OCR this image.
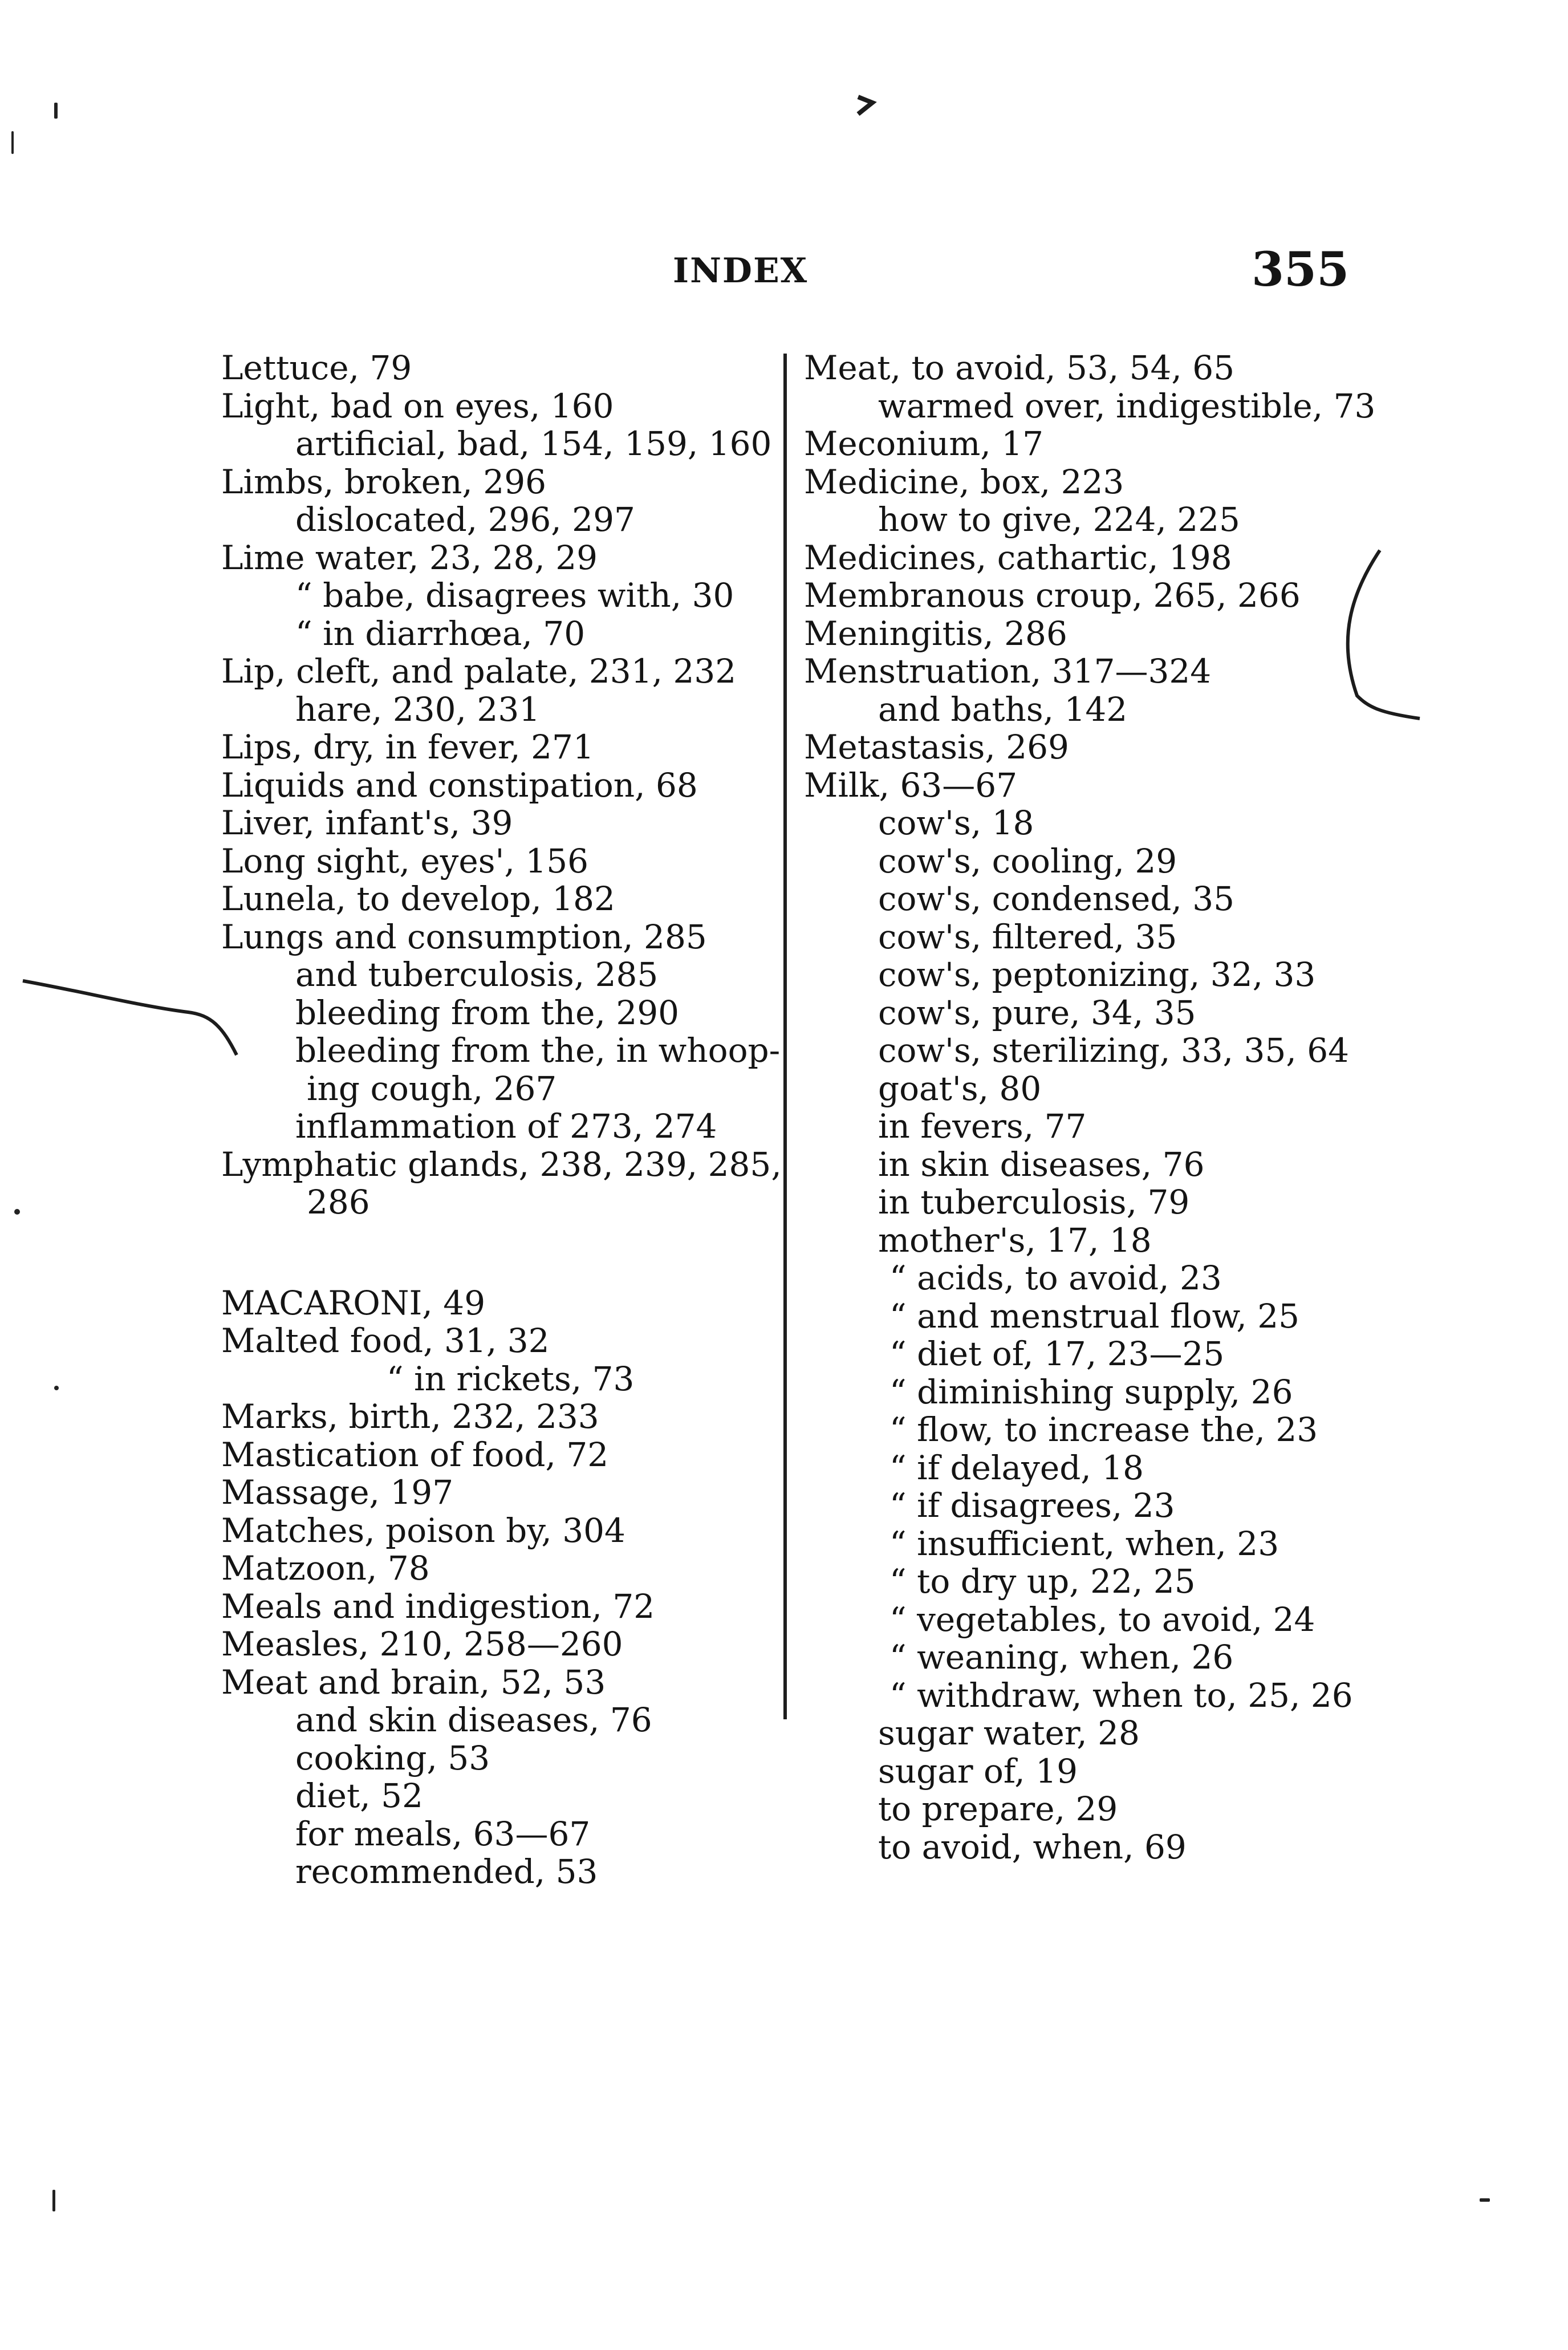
INDEX	355
Lettuce, 79
Light, bad on eyes, 160
artificial, bad, 154, 159, 160
Limbs, broken, 296
dislocated, 296, 297
Lime water, 23, 28, 29
“ babe, disagrees with, 30
“ in diarrhœa, 70
Lip, cleft, and palate, 231, 232
hare, 230, 231
Lips, dry, in fever, 271
Liquids and constipation, 68
Liver, infant's, 39
Long sight, eyes', 156
Lunela, to develop, 182
Lungs and consumption, 285
and tuberculosis, 285
bleeding from the, 290
bleeding from the, in whoop-
ing cough, 267
inflammation of 273, 274
Lymphatic glands, 238, 239, 285,
286
MACARONI, 49
Malted food, 31, 32
“ in rickets, 73
Marks, birth, 232, 233
Mastication of food, 72
Massage, 197
Matches, poison by, 304
Matzoon, 78
Meals and indigestion, 72
Measles, 210, 258—260
Meat and brain, 52, 53
and skin diseases, 76
cooking, 53
diet, 52
for meals, 63—67
recommended, 53
Meat, to avoid, 53, 54, 65
warmed over, indigestible, 73
Meconium, 17
Medicine, box, 223
how to give, 224, 225
Medicines, cathartic, 198
Membranous croup, 265, 266
Meningitis, 286
Menstruation, 317—324
and baths, 142
Metastasis, 269
Milk, 63—67
cow's, 18
cow's, cooling, 29
cow's, condensed, 35
cow's, filtered, 35
cow's, peptonizing, 32, 33
cow's, pure, 34, 35
cow's, sterilizing, 33, 35, 64
goat's, 80
in fevers, 77
in skin diseases, 76
in tuberculosis, 79
mother's, 17, 18
“ acids, to avoid, 23
“ and menstrual flow, 25
“ diet of, 17, 23—25
“ diminishing supply, 26
“ flow, to increase the, 23
“ if delayed, 18
“ if disagrees, 23
“ insufficient, when, 23
“ to dry up, 22, 25
“ vegetables, to avoid, 24
“ weaning, when, 26
“ withdraw, when to, 25, 26
sugar water, 28
sugar of, 19
to prepare, 29
to avoid, when, 69
